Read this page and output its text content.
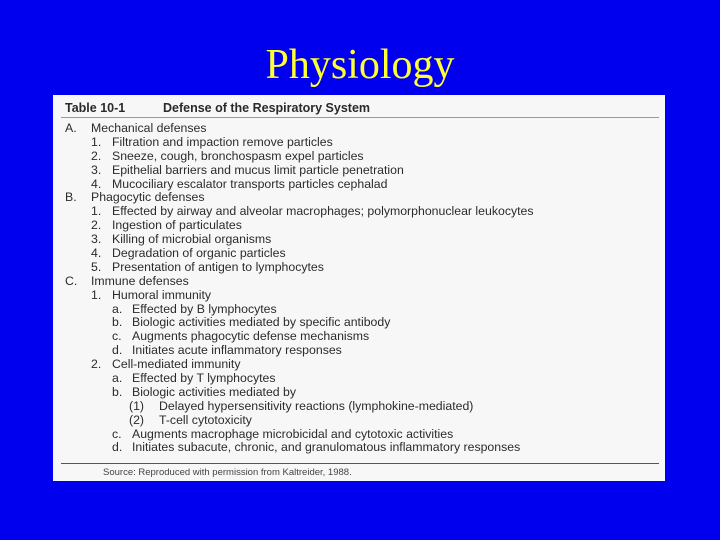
Physiology
Table 10-1	Defense of the Respiratory System
A. Mechanical defenses
1. Filtration and impaction remove particles
2. Sneeze, cough, bronchospasm expel particles
3. Epithelial barriers and mucus limit particle penetration
4. Mucociliary escalator transports particles cephalad
B. Phagocytic defenses
1. Effected by airway and alveolar macrophages; polymorphonuclear leukocytes
2. Ingestion of particulates
3. Killing of microbial organisms
4. Degradation of organic particles
5. Presentation of antigen to lymphocytes
C. Immune defenses
1. Humoral immunity
a. Effected by B lymphocytes
b. Biologic activities mediated by specific antibody
c. Augments phagocytic defense mechanisms
d. Initiates acute inflammatory responses
2. Cell-mediated immunity
a. Effected by T lymphocytes
b. Biologic activities mediated by
(1) Delayed hypersensitivity reactions (lymphokine-mediated)
(2) T-cell cytotoxicity
c. Augments macrophage microbicidal and cytotoxic activities
d. Initiates subacute, chronic, and granulomatous inflammatory responses
Source: Reproduced with permission from Kaltreider, 1988.
